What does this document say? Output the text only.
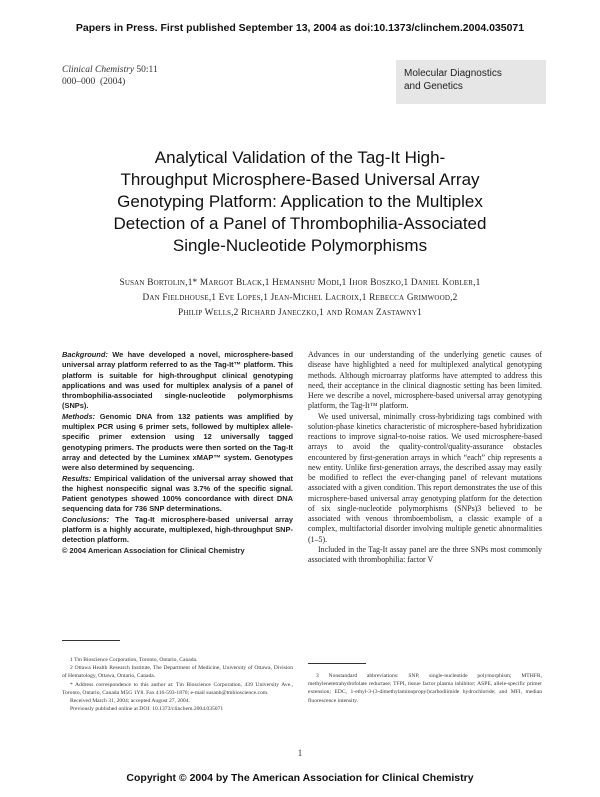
Papers in Press. First published September 13, 2004 as doi:10.1373/clinchem.2004.035071
Clinical Chemistry 50:11
000–000  (2004)
Molecular Diagnostics
and Genetics
Analytical Validation of the Tag-It High-
Throughput Microsphere-Based Universal Array
Genotyping Platform: Application to the Multiplex
Detection of a Panel of Thrombophilia-Associated
Single-Nucleotide Polymorphisms
Susan Bortolin,1* Margot Black,1 Hemanshu Modi,1 Ihor Boszko,1 Daniel Kobler,1
Dan Fieldhouse,1 Eve Lopes,1 Jean-Michel Lacroix,1 Rebecca Grimwood,2
Philip Wells,2 Richard Janeczko,1 and Roman Zastawny1

Background: We have developed a novel, microsphere-based universal array platform referred to as the Tag-It™ platform. This platform is suitable for high-throughput clinical genotyping applications and was used for multiplex analysis of a panel of thrombophilia-associated single-nucleotide polymorphisms (SNPs).

Methods: Genomic DNA from 132 patients was amplified by multiplex PCR using 6 primer sets, followed by multiplex allele-specific primer extension using 12 universally tagged genotyping primers. The products were then sorted on the Tag-It array and detected by the Luminex xMAP™ system. Genotypes were also determined by sequencing.

Results: Empirical validation of the universal array showed that the highest nonspecific signal was 3.7% of the specific signal. Patient genotypes showed 100% concordance with direct DNA sequencing data for 736 SNP determinations.

Conclusions: The Tag-It microsphere-based universal array platform is a highly accurate, multiplexed, high-throughput SNP-detection platform.

© 2004 American Association for Clinical Chemistry

1 Tm Bioscience Corporation, Toronto, Ontario, Canada.

2 Ottawa Health Research Institute, The Department of Medicine, University of Ottawa, Division of Hematology, Ottawa, Ontario, Canada.

* Address correspondence to this author at: Tm Bioscience Corporation, 439 University Ave., Toronto, Ontario, Canada M5G 1Y8. Fax 416-593-1870; e-mail susanb@tmbioscience.com.

Received March 31, 2004; accepted August 27, 2004.

Previously published online at DOI: 10.1373/clinchem.2004.035071

Advances in our understanding of the underlying genetic causes of disease have highlighted a need for multiplexed analytical genotyping methods. Although microarray platforms have attempted to address this need, their acceptance in the clinical diagnostic setting has been limited. Here we describe a novel, microsphere-based universal array genotyping platform, the Tag-It™ platform.

We used universal, minimally cross-hybridizing tags combined with solution-phase kinetics characteristic of microsphere-based hybridization reactions to improve signal-to-noise ratios. We used microsphere-based arrays to avoid the quality-control/quality-assurance obstacles encountered by first-generation arrays in which “each” chip represents a new entity. Unlike first-generation arrays, the described assay may easily be modified to reflect the ever-changing panel of relevant mutations associated with a given condition. This report demonstrates the use of this microsphere-based universal array genotyping platform for the detection of six single-nucleotide polymorphisms (SNPs)3 believed to be associated with venous thromboembolism, a classic example of a complex, multifactorial disorder involving multiple genetic abnormalities (1–5).

Included in the Tag-It assay panel are the three SNPs most commonly associated with thrombophilia: factor V

3 Nonstandard abbreviations: SNP, single-nucleotide polymorphism; MTHFR, methylenetetrahydrofolate reductase; TFPI, tissue factor plasma inhibitor; ASPE, allele-specific primer extension; EDC, 1-ethyl-3-(3-dimethylaminopropyl)carbodiimide hydrochloride; and MFI, median fluorescence intensity.

1
Copyright © 2004 by The American Association for Clinical Chemistry
